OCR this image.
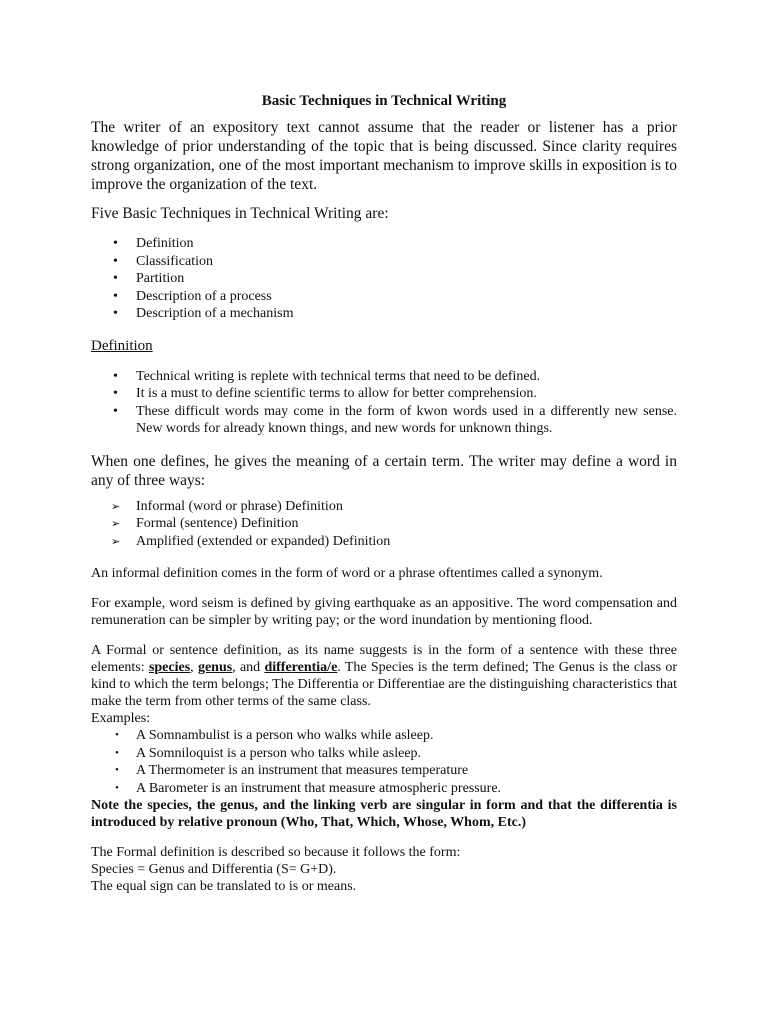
Basic Techniques in Technical Writing

The writer of an expository text cannot assume that the reader or listener has a prior knowledge of prior understanding of the topic that is being discussed. Since clarity requires strong organization, one of the most important mechanism to improve skills in exposition is to improve the organization of the text.

Five Basic Techniques in Technical Writing are:

• Definition
• Classification
• Partition
• Description of a process
• Description of a mechanism

Definition

• Technical writing is replete with technical terms that need to be defined.
• It is a must to define scientific terms to allow for better comprehension.
• These difficult words may come in the form of kwon words used in a differently new sense. New words for already known things, and new words for unknown things.

When one defines, he gives the meaning of a certain term. The writer may define a word in any of three ways:

➢ Informal (word or phrase) Definition
➢ Formal (sentence) Definition
➢ Amplified (extended or expanded) Definition

An informal definition comes in the form of word or a phrase oftentimes called a synonym.

For example, word seism is defined by giving earthquake as an appositive. The word compensation and remuneration can be simpler by writing pay; or the word inundation by mentioning flood.

A Formal or sentence definition, as its name suggests is in the form of a sentence with these three elements: species, genus, and differentia/e. The Species is the term defined; The Genus is the class or kind to which the term belongs; The Differentia or Differentiae are the distinguishing characteristics that make the term from other terms of the same class.

Examples:

• A Somnambulist is a person who walks while asleep.
• A Somniloquist is a person who talks while asleep.
• A Thermometer is an instrument that measures temperature
• A Barometer is an instrument that measure atmospheric pressure.

Note the species, the genus, and the linking verb are singular in form and that the differentia is introduced by relative pronoun (Who, That, Which, Whose, Whom, Etc.)

The Formal definition is described so because it follows the form:

Species = Genus and Differentia (S= G+D).

The equal sign can be translated to is or means.
